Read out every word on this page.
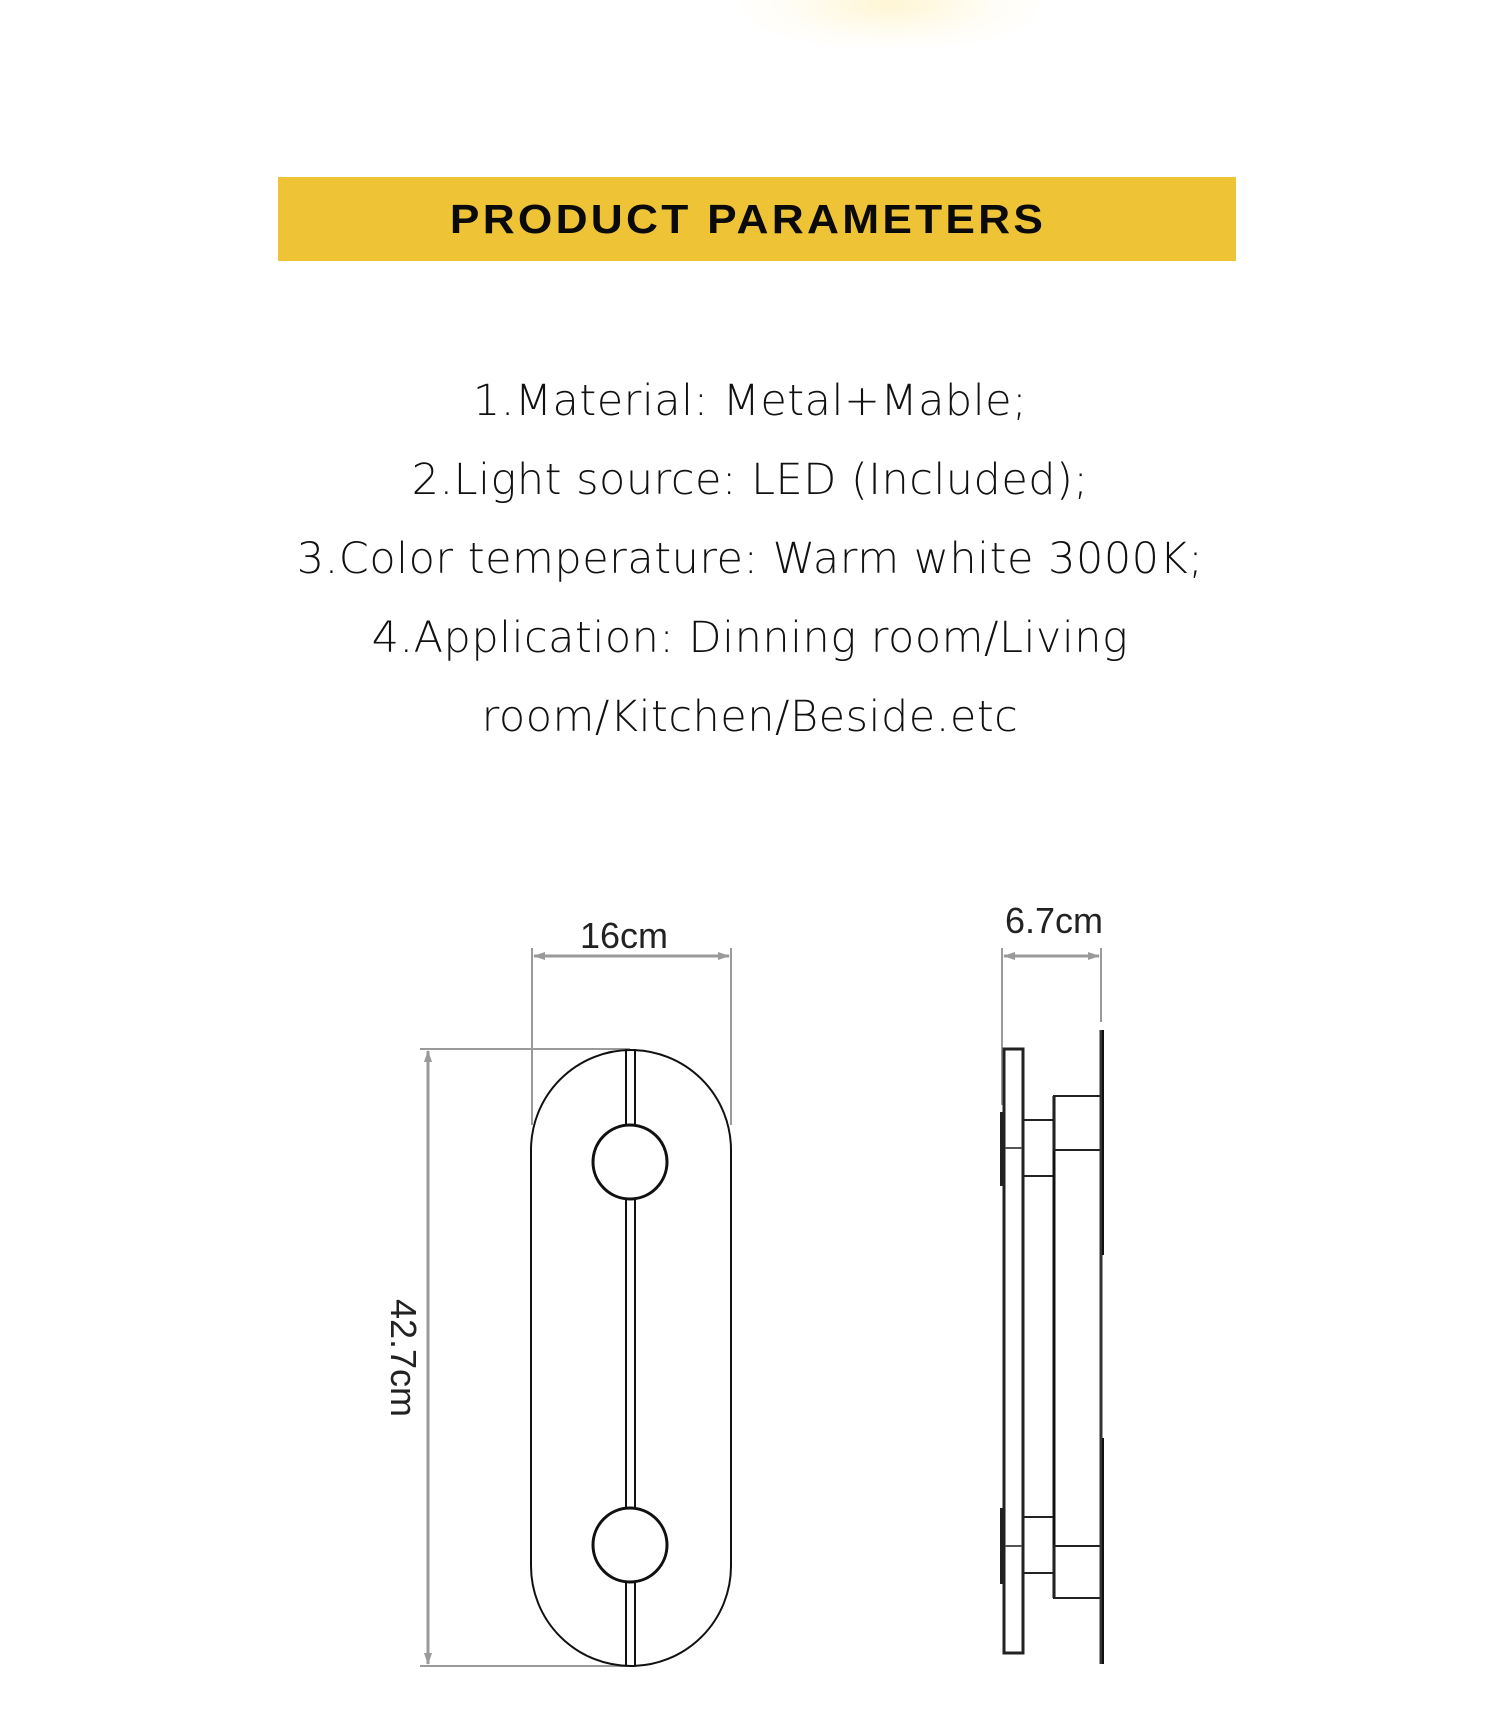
PRODUCT PARAMETERS
1.Material: Metal+Mable;
2.Light source: LED (Included);
3.Color temperature: Warm white 3000K;
4.Application: Dinning room/Living
room/Kitchen/Beside.etc
16cm
42.7cm
6.7cm
